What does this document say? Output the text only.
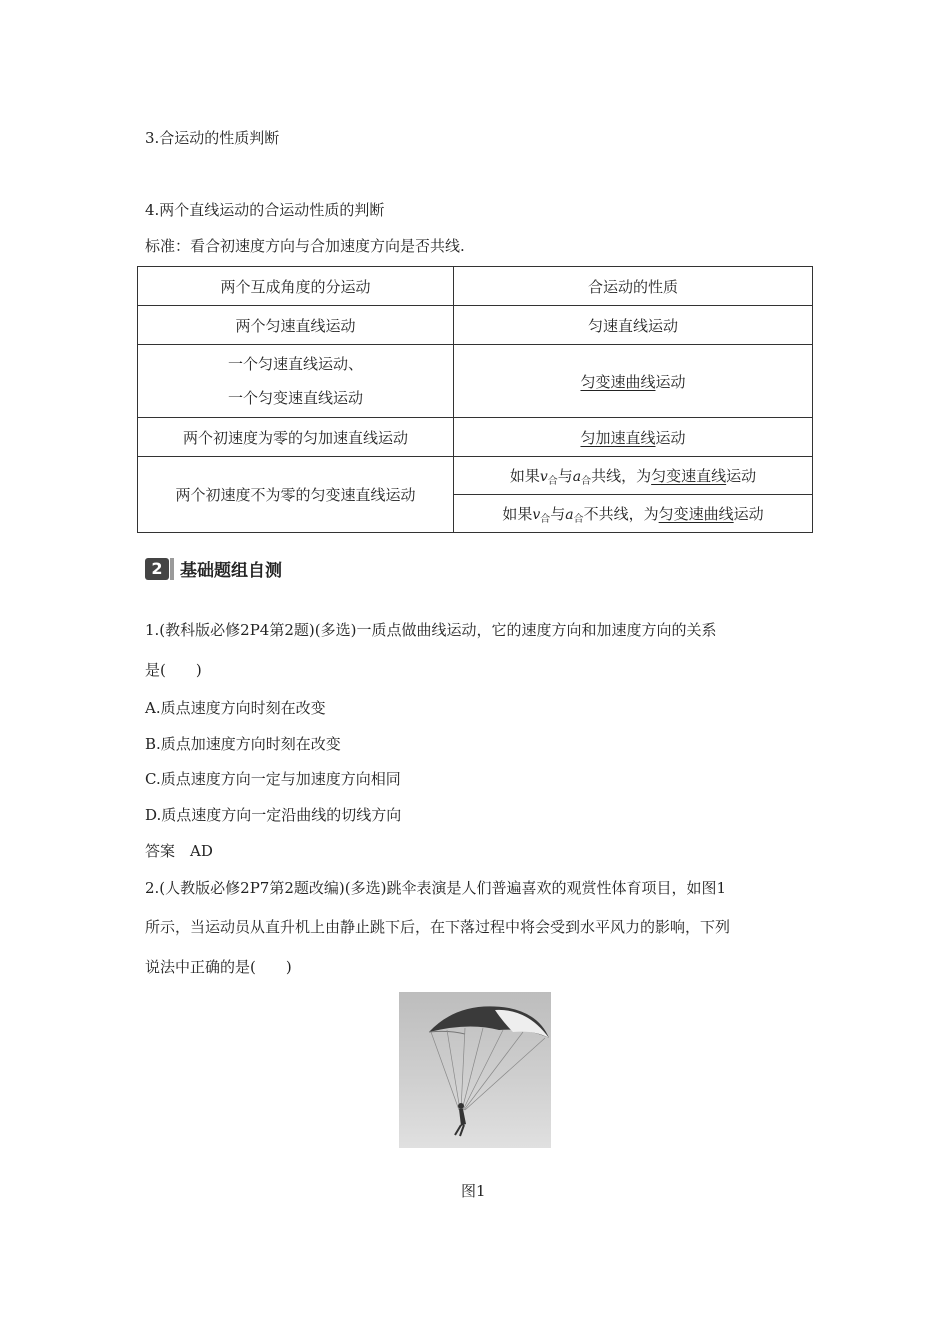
3.合运动的性质判断
4.两个直线运动的合运动性质的判断
标准：看合初速度方向与合加速度方向是否共线.
两个互成角度的分运动	合运动的性质
两个匀速直线运动	匀速直线运动

一个匀速直线运动、
一个匀变速直线运动	匀变速曲线运动
两个初速度为零的匀加速直线运动	匀加速直线运动
两个初速度不为零的匀变速直线运动	如果$v_合$与$a_合$共线，为匀变速直线运动
	如果$v_合$与$a_合$不共线，为匀变速曲线运动
2	基础题组自测
1.(教科版必修2P4第2题)(多选)一质点做曲线运动，它的速度方向和加速度方向的关系
是(　　)
A.质点速度方向时刻在改变
B.质点加速度方向时刻在改变
C.质点速度方向一定与加速度方向相同
D.质点速度方向一定沿曲线的切线方向
答案　AD
2.(人教版必修2P7第2题改编)(多选)跳伞表演是人们普遍喜欢的观赏性体育项目，如图1
所示，当运动员从直升机上由静止跳下后，在下落过程中将会受到水平风力的影响，下列
说法中正确的是(　　)
图1
